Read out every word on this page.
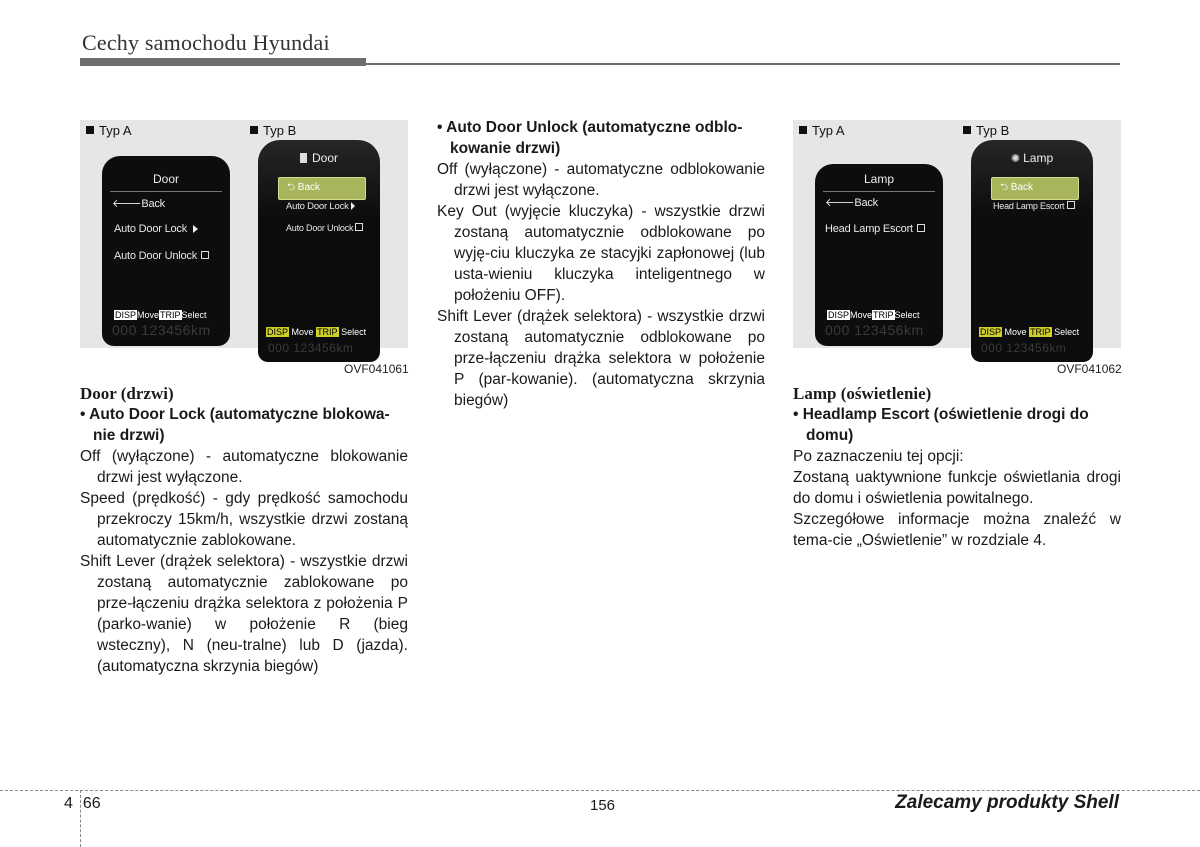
Cechy samochodu Hyundai
Typ A	Typ B
Door
🡐Back
Auto Door Lock
Auto Door Unlock
DISPMoveTRIPSelect
000 123456km
Door
⮌ Back
Auto Door Lock
Auto Door Unlock
DISP Move TRIP Select
000 123456km
OVF041061
Typ A	Typ B
Lamp
🡐Back
Head Lamp Escort
DISPMoveTRIPSelect
000 123456km
✺ Lamp
⮌ Back
Head Lamp Escort
DISP Move TRIP Select
000 123456km
OVF041062

Door (drzwi)

• Auto Door Lock (automatyczne blokowa-nie drzwi)

Off (wyłączone) - automatyczne blokowanie drzwi jest wyłączone.

Speed (prędkość) - gdy prędkość samochodu przekroczy 15km/h, wszystkie drzwi zostaną automatycznie zablokowane.

Shift Lever (drążek selektora) - wszystkie drzwi zostaną automatycznie zablokowane po prze-łączeniu drążka selektora z położenia P (parko-wanie) w położenie R (bieg wsteczny), N (neu-tralne) lub D (jazda). (automatyczna skrzynia biegów)

• Auto Door Unlock (automatyczne odblo-kowanie drzwi)

Off (wyłączone) - automatyczne odblokowanie drzwi jest wyłączone.

Key Out (wyjęcie kluczyka) - wszystkie drzwi zostaną automatycznie odblokowane po wyję-ciu kluczyka ze stacyjki zapłonowej (lub usta-wieniu kluczyka inteligentnego w położeniu OFF).

Shift Lever (drążek selektora) - wszystkie drzwi zostaną automatycznie odblokowane po prze-łączeniu drążka selektora w położenie P (par-kowanie). (automatyczna skrzynia biegów)	Lamp (oświetlenie)

• Headlamp Escort (oświetlenie drogi do domu)

Po zaznaczeniu tej opcji:

Zostaną uaktywnione funkcje oświetlania drogi do domu i oświetlenia powitalnego.

Szczegółowe informacje można znaleźć w tema-cie „Oświetlenie” w rozdziale 4.

4 66	156	Zalecamy produkty Shell
